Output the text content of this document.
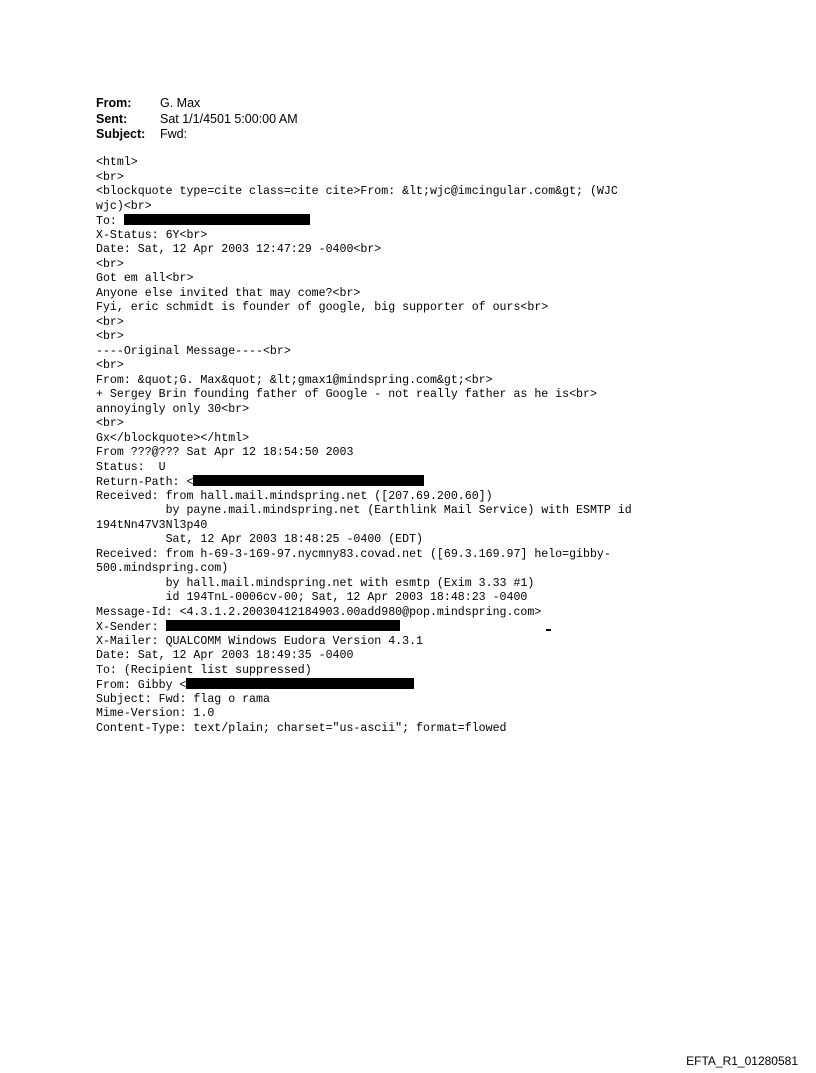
From: G. Max
Sent:	Sat 1/1/4501 5:00:00 AM
Subject: Fwd:
<html>
<br>
<blockquote type=cite class=cite cite>From: &lt;wjc@imcingular.com&gt; (WJC
wjc)<br>
To:
X-Status: 6Y<br>
Date: Sat, 12 Apr 2003 12:47:29 -0400<br>
<br>
Got em all<br>
Anyone else invited that may come?<br>
Fyi, eric schmidt is founder of google, big supporter of ours<br>
<br>
<br>
----Original Message----<br>
<br>
From: &quot;G. Max&quot; &lt;gmax1@mindspring.com&gt;<br>
+ Sergey Brin founding father of Google - not really father as he is<br>
annoyingly only 30<br>
<br>
Gx</blockquote></html>
From ???@??? Sat Apr 12 18:54:50 2003
Status:  U
Return-Path: <
Received: from hall.mail.mindspring.net ([207.69.200.60])
by payne.mail.mindspring.net (Earthlink Mail Service) with ESMTP id
194tNn47V3Nl3p40
Sat, 12 Apr 2003 18:48:25 -0400 (EDT)
Received: from h-69-3-169-97.nycmny83.covad.net ([69.3.169.97] helo=gibby-
500.mindspring.com)
by hall.mail.mindspring.net with esmtp (Exim 3.33 #1)
id 194TnL-0006cv-00; Sat, 12 Apr 2003 18:48:23 -0400
Message-Id: <4.3.1.2.20030412184903.00add980@pop.mindspring.com>
X-Sender:
X-Mailer: QUALCOMM Windows Eudora Version 4.3.1
Date: Sat, 12 Apr 2003 18:49:35 -0400
To: (Recipient list suppressed)
From: Gibby <
Subject: Fwd: flag o rama
Mime-Version: 1.0
Content-Type: text/plain; charset="us-ascii"; format=flowed
EFTA_R1_01280581
